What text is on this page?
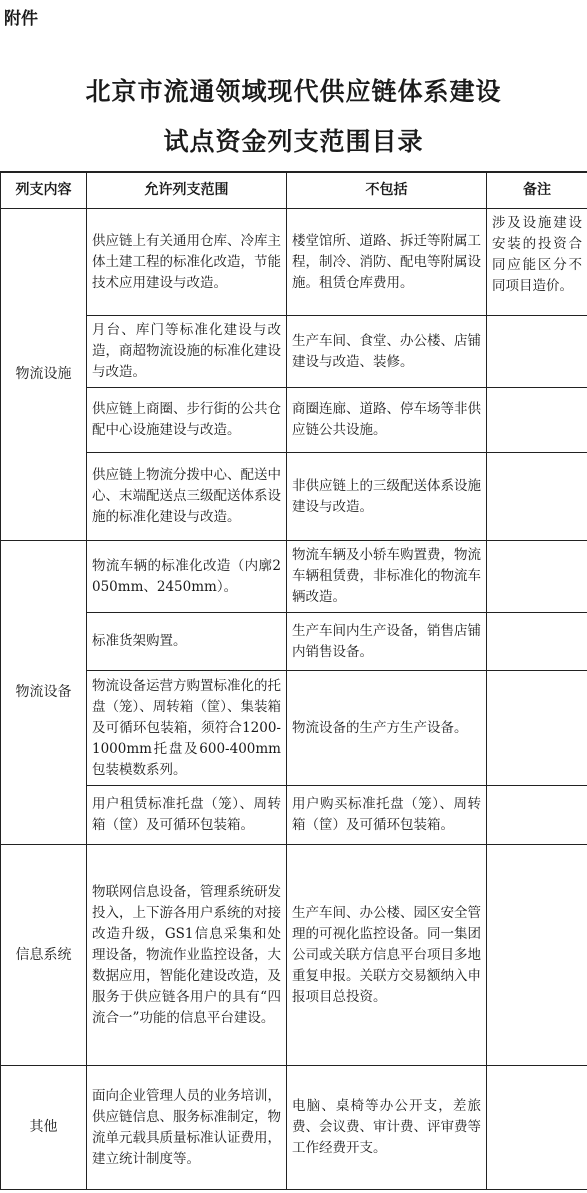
附件
北京市流通领域现代供应链体系建设
试点资金列支范围目录
列支内容	允许列支范围	不包括	备注
物流设施	供应链上有关通用仓库、冷库主体土建工程的标准化改造，节能技术应用建设与改造。	楼堂馆所、道路、拆迁等附属工程，制冷、消防、配电等附属设施。租赁仓库费用。	涉及设施建设安装的投资合同应能区分不同项目造价。
	月台、库门等标准化建设与改造，商超物流设施的标准化建设与改造。	生产车间、食堂、办公楼、店铺建设与改造、装修。	
	供应链上商圈、步行街的公共仓配中心设施建设与改造。	商圈连廊、道路、停车场等非供应链公共设施。	
	供应链上物流分拨中心、配送中心、末端配送点三级配送体系设施的标准化建设与改造。	非供应链上的三级配送体系设施建设与改造。	
物流设备	物流车辆的标准化改造（内廓2050mm、2450mm）。	物流车辆及小轿车购置费，物流车辆租赁费，非标准化的物流车辆改造。	
	标准货架购置。	生产车间内生产设备，销售店铺内销售设备。	
	物流设备运营方购置标准化的托盘（笼）、周转箱（筐）、集装箱及可循环包装箱，须符合1200-1000mm托盘及600-400mm包装模数系列。	物流设备的生产方生产设备。	
	用户租赁标准托盘（笼）、周转箱（筐）及可循环包装箱。	用户购买标准托盘（笼）、周转箱（筐）及可循环包装箱。	
信息系统	物联网信息设备，管理系统研发投入，上下游各用户系统的对接改造升级，GS1信息采集和处理设备，物流作业监控设备，大数据应用，智能化建设改造，及服务于供应链各用户的具有“四流合一”功能的信息平台建设。	生产车间、办公楼、园区安全管理的可视化监控设备。同一集团公司或关联方信息平台项目多地重复申报。关联方交易额纳入申报项目总投资。	
其他	面向企业管理人员的业务培训，供应链信息、服务标准制定，物流单元载具质量标准认证费用，建立统计制度等。	电脑、桌椅等办公开支，差旅费、会议费、审计费、评审费等工作经费开支。	
